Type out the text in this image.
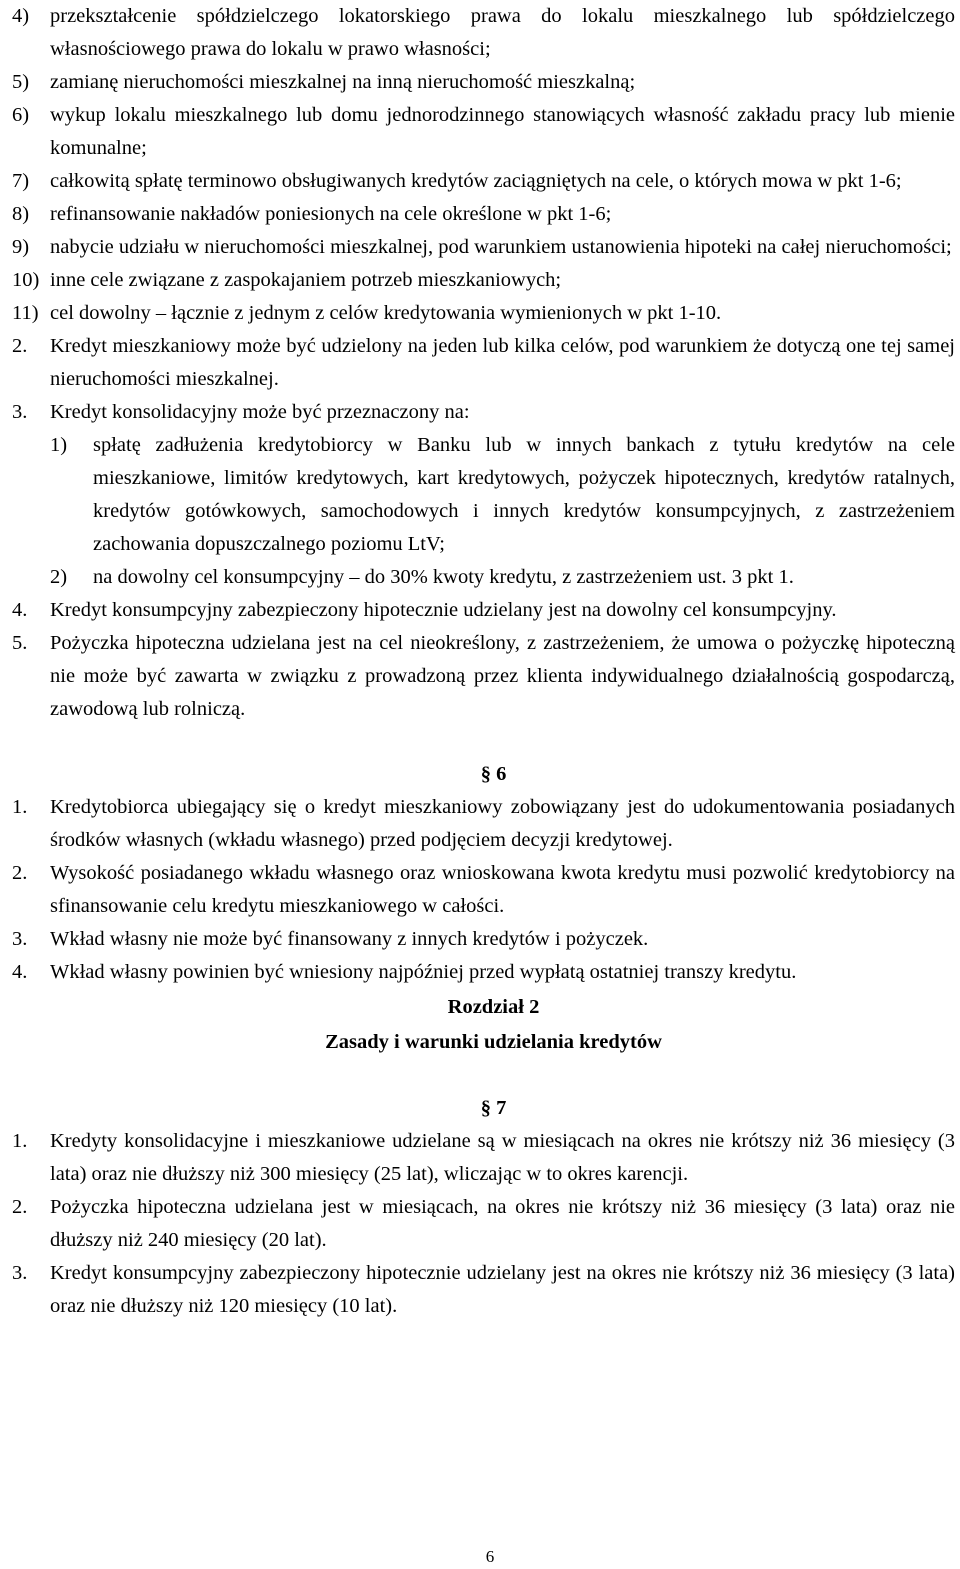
4) przekształcenie spółdzielczego lokatorskiego prawa do lokalu mieszkalnego lub spółdzielczego własnościowego prawa do lokalu w prawo własności;
5) zamianę nieruchomości mieszkalnej na inną nieruchomość mieszkalną;
6) wykup lokalu mieszkalnego lub domu jednorodzinnego stanowiących własność zakładu pracy lub mienie komunalne;
7) całkowitą spłatę terminowo obsługiwanych kredytów zaciągniętych na cele, o których mowa w pkt 1-6;
8) refinansowanie nakładów poniesionych na cele określone w pkt 1-6;
9) nabycie udziału w nieruchomości mieszkalnej, pod warunkiem ustanowienia hipoteki na całej nieruchomości;
10) inne cele związane z zaspokajaniem potrzeb mieszkaniowych;
11) cel dowolny – łącznie z jednym z celów kredytowania wymienionych w pkt 1-10.
2. Kredyt mieszkaniowy może być udzielony na jeden lub kilka celów, pod warunkiem że dotyczą one tej samej nieruchomości mieszkalnej.
3. Kredyt konsolidacyjny może być przeznaczony na:
1) spłatę zadłużenia kredytobiorcy w Banku lub w innych bankach z tytułu kredytów na cele mieszkaniowe, limitów kredytowych, kart kredytowych, pożyczek hipotecznych, kredytów ratalnych, kredytów gotówkowych, samochodowych i innych kredytów konsumpcyjnych, z zastrzeżeniem zachowania dopuszczalnego poziomu LtV;
2) na dowolny cel konsumpcyjny – do 30% kwoty kredytu, z zastrzeżeniem ust. 3 pkt 1.
4. Kredyt konsumpcyjny zabezpieczony hipotecznie udzielany jest na dowolny cel konsumpcyjny.
5. Pożyczka hipoteczna udzielana jest na cel nieokreślony, z zastrzeżeniem, że umowa o pożyczkę hipoteczną nie może być zawarta w związku z prowadzoną przez klienta indywidualnego działalnością gospodarczą, zawodową lub rolniczą.
§ 6
1. Kredytobiorca ubiegający się o kredyt mieszkaniowy zobowiązany jest do udokumentowania posiadanych środków własnych (wkładu własnego) przed podjęciem decyzji kredytowej.
2. Wysokość posiadanego wkładu własnego oraz wnioskowana kwota kredytu musi pozwolić kredytobiorcy na sfinansowanie celu kredytu mieszkaniowego w całości.
3. Wkład własny nie może być finansowany z innych kredytów i pożyczek.
4. Wkład własny powinien być wniesiony najpóźniej przed wypłatą ostatniej transzy kredytu.
Rozdział 2
Zasady i warunki udzielania kredytów
§ 7
1. Kredyty konsolidacyjne i mieszkaniowe udzielane są w miesiącach na okres nie krótszy niż 36 miesięcy (3 lata) oraz nie dłuższy niż 300 miesięcy (25 lat), wliczając w to okres karencji.
2. Pożyczka hipoteczna udzielana jest w miesiącach, na okres nie krótszy niż 36 miesięcy (3 lata) oraz nie dłuższy niż 240 miesięcy (20 lat).
3. Kredyt konsumpcyjny zabezpieczony hipotecznie udzielany jest na okres nie krótszy niż 36 miesięcy (3 lata) oraz nie dłuższy niż 120 miesięcy (10 lat).
6
